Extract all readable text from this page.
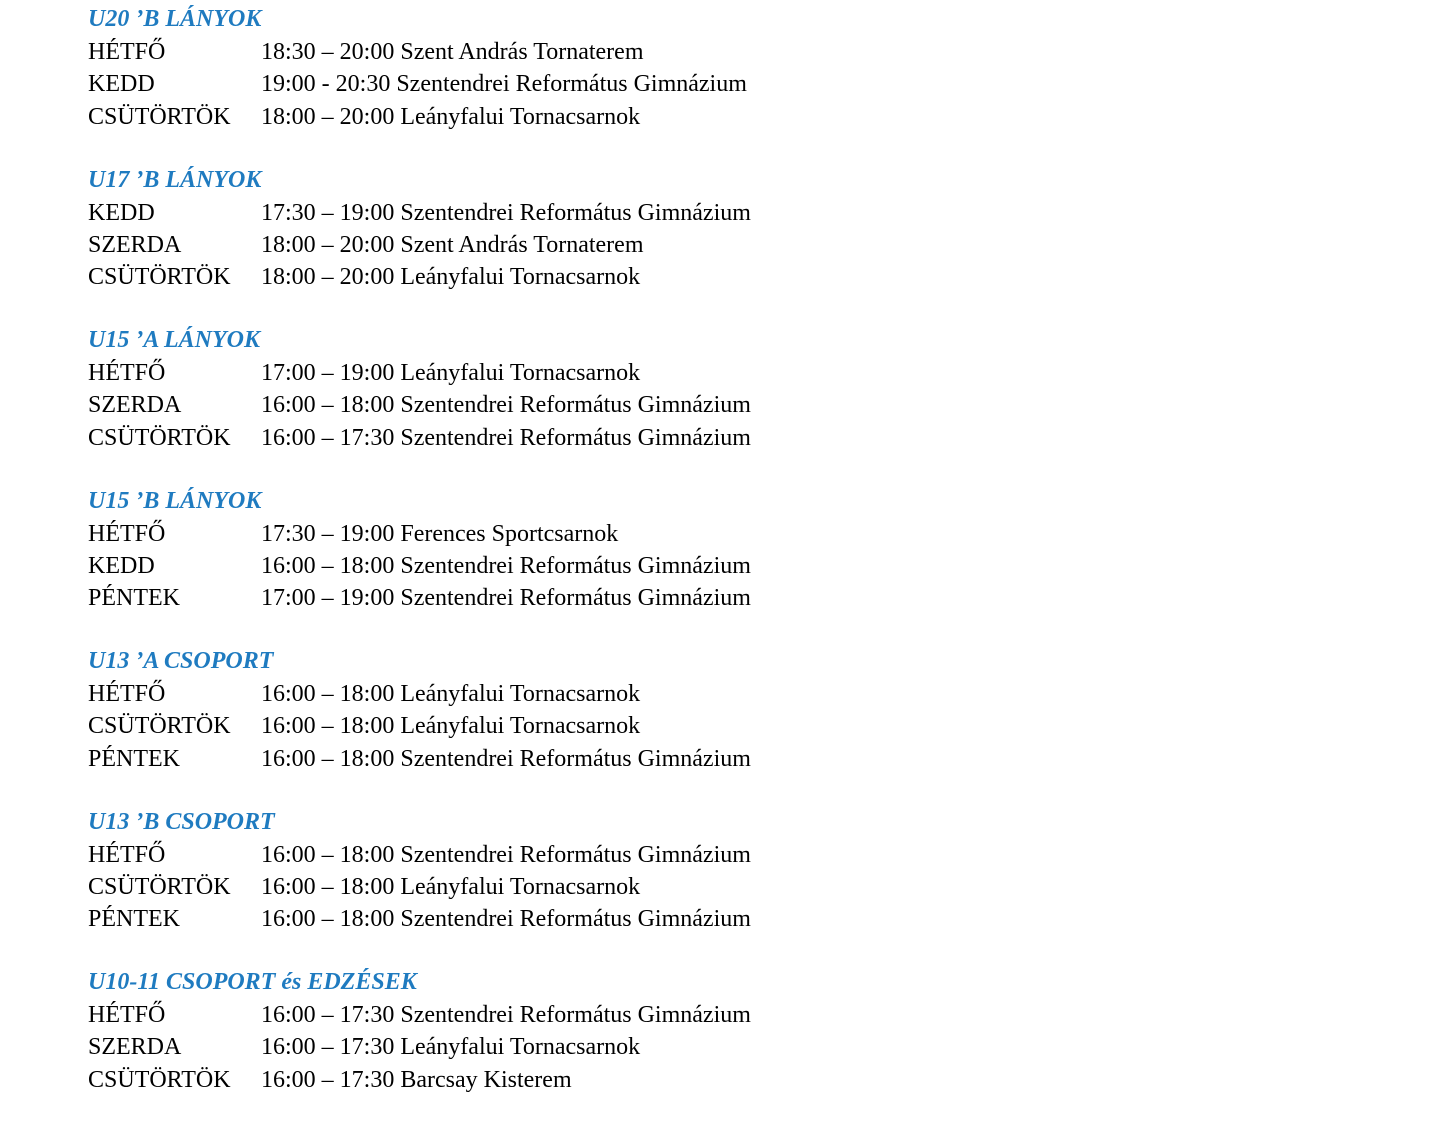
U20 ’B LÁNYOK
HÉTFŐ	18:30 – 20:00 Szent András Tornaterem
KEDD	19:00 - 20:30 Szentendrei Református Gimnázium
CSÜTÖRTÖK 18:00 – 20:00 Leányfalui Tornacsarnok
U17 ’B LÁNYOK
KEDD	17:30 – 19:00 Szentendrei Református Gimnázium
SZERDA	18:00 – 20:00 Szent András Tornaterem
CSÜTÖRTÖK 18:00 – 20:00 Leányfalui Tornacsarnok
U15 ’A LÁNYOK
HÉTFŐ	17:00 – 19:00 Leányfalui Tornacsarnok
SZERDA	16:00 – 18:00 Szentendrei Református Gimnázium
CSÜTÖRTÖK 16:00 – 17:30 Szentendrei Református Gimnázium
U15 ’B LÁNYOK
HÉTFŐ	17:30 – 19:00 Ferences Sportcsarnok
KEDD	16:00 – 18:00 Szentendrei Református Gimnázium
PÉNTEK	17:00 – 19:00 Szentendrei Református Gimnázium
U13 ’A CSOPORT
HÉTFŐ	16:00 – 18:00 Leányfalui Tornacsarnok
CSÜTÖRTÖK 16:00 – 18:00 Leányfalui Tornacsarnok
PÉNTEK	16:00 – 18:00 Szentendrei Református Gimnázium
U13 ’B CSOPORT
HÉTFŐ	16:00 – 18:00 Szentendrei Református Gimnázium
CSÜTÖRTÖK 16:00 – 18:00 Leányfalui Tornacsarnok
PÉNTEK	16:00 – 18:00 Szentendrei Református Gimnázium
U10-11 CSOPORT és EDZÉSEK
HÉTFŐ	16:00 – 17:30 Szentendrei Református Gimnázium
SZERDA	16:00 – 17:30 Leányfalui Tornacsarnok
CSÜTÖRTÖK 16:00 – 17:30 Barcsay Kisterem
